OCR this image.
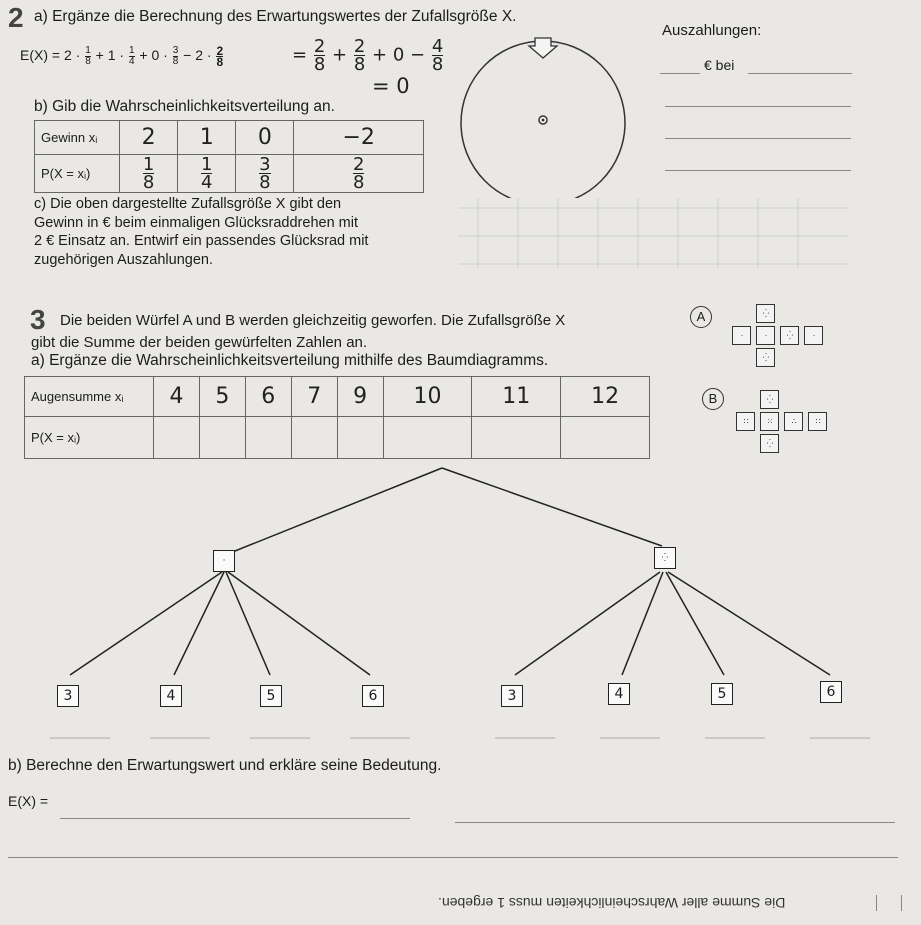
2 a) Ergänze die Berechnung des Erwartungswertes der Zufallsgröße X.
$E(X) = 2 \cdot \frac{1}{8} + 1 \cdot \frac{1}{4} + 0 \cdot \frac{3}{8} - 2 \cdot \frac{2}{8}$	= $\frac{2}{8} + \frac{2}{8} + 0 - \frac{4}{8}$
= 0
b) Gib die Wahrscheinlichkeitsverteilung an.
Gewinn xᵢ	2	1	0	−2
P(X = xᵢ)	$\frac{1}{8}$	$\frac{1}{4}$	$\frac{3}{8}$	$\frac{2}{8}$
c) Die oben dargestellte Zufallsgröße X gibt den
Gewinn in € beim einmaligen Glücksraddrehen mit
2 € Einsatz an. Entwirf ein passendes Glücksrad mit
zugehörigen Auszahlungen.
Auszahlungen:
€ bei
3 Die beiden Würfel A und B werden gleichzeitig geworfen. Die Zufallsgröße X
gibt die Summe der beiden gewürfelten Zahlen an.
a) Ergänze die Wahrscheinlichkeitsverteilung mithilfe des Baumdiagramms.
Augensumme xᵢ	4	5	6	7	9	10	11	12
P(X = xᵢ)								
A	⁛
·	·	⁛	·
⁛
B	⁛
∷	⁙	∴	∷
⁛
·	⁛
3	4	5	6	3	4	5	6
b) Berechne den Erwartungswert und erkläre seine Bedeutung.
E(X) =
Die Summe aller Wahrscheinlichkeiten muss 1 ergeben.
